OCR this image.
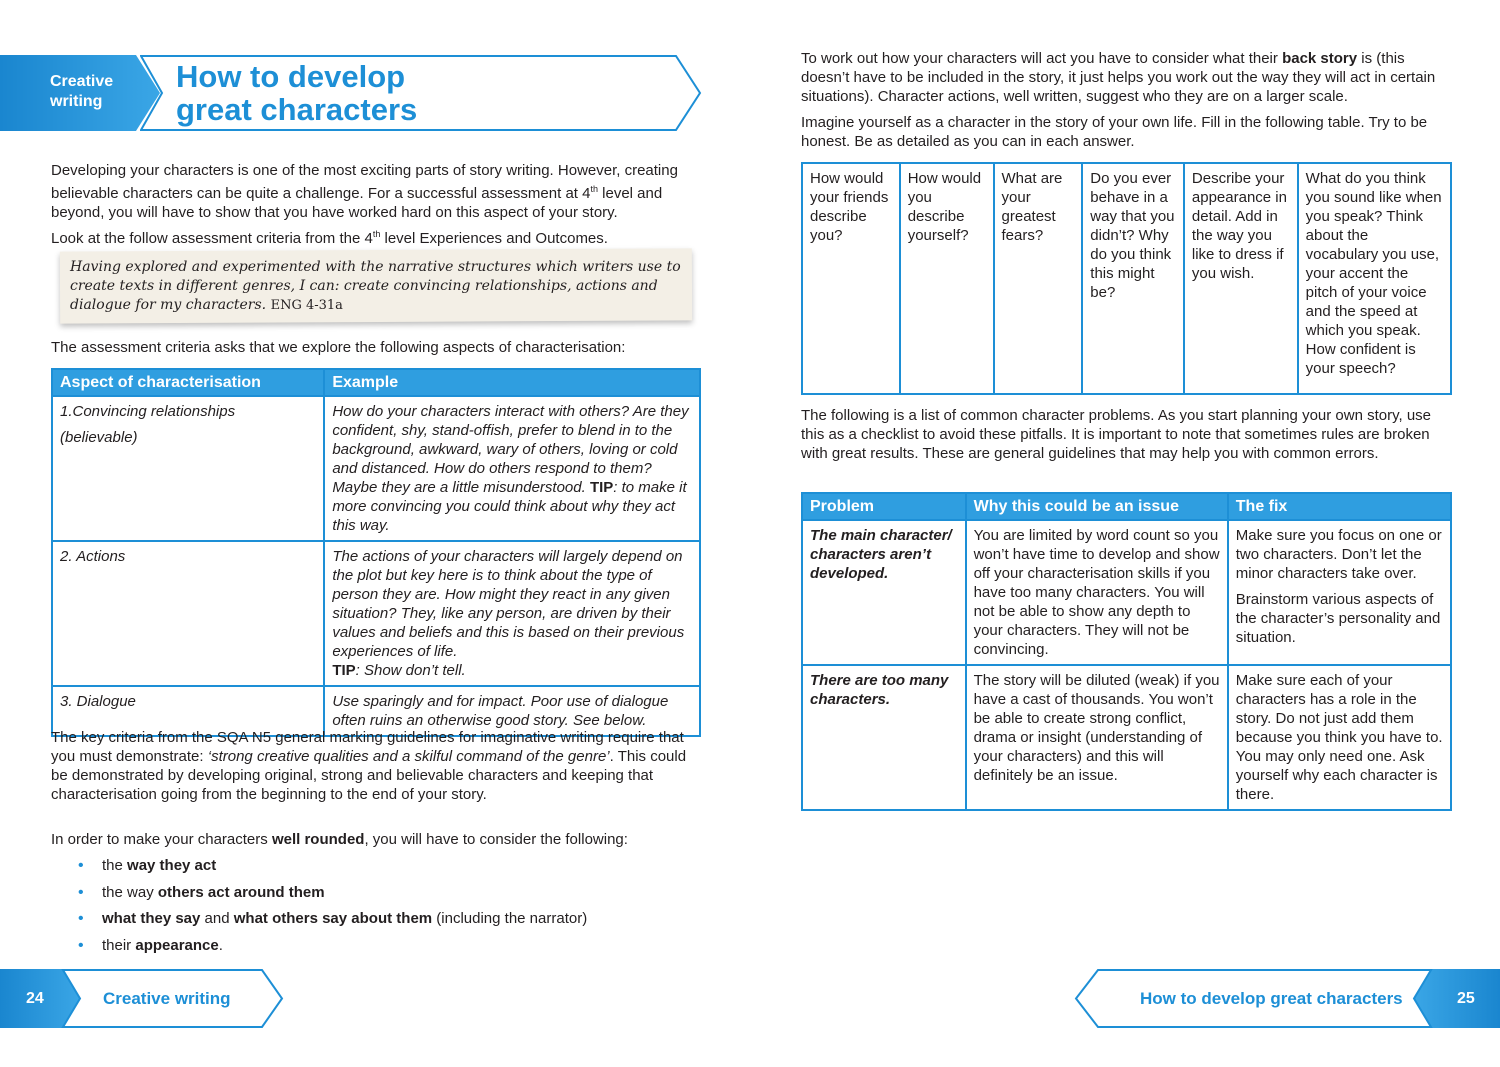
Creative
writing
How to develop
great characters

Developing your characters is one of the most exciting parts of story writing. However, creating believable characters can be quite a challenge. For a successful assessment at 4th level and beyond, you will have to show that you have worked hard on this aspect of your story.

Look at the follow assessment criteria from the 4th level Experiences and Outcomes.

Having explored and experimented with the narrative structures which writers use to create texts in different genres, I can: create convincing relationships, actions and dialogue for my characters. ENG 4-31a

The assessment criteria asks that we explore the following aspects of characterisation:

Aspect of characterisation	Example

1.Convincing relationships
(believable)	How do your characters interact with others? Are they confident, shy, stand-offish, prefer to blend in to the background, awkward, wary of others, loving or cold and distanced. How do others respond to them? Maybe they are a little misunderstood. TIP: to make it more convincing you could think about why they act this way.
2. Actions	The actions of your characters will largely depend on the plot but key here is to think about the type of person they are. How might they react in any given situation? They, like any person, are driven by their values and beliefs and this is based on their previous experiences of life.
TIP: Show don’t tell.
3. Dialogue	Use sparingly and for impact. Poor use of dialogue often ruins an otherwise good story. See below.

The key criteria from the SQA N5 general marking guidelines for imaginative writing require that you must demonstrate: ‘strong creative qualities and a skilful command of the genre’. This could be demonstrated by developing original, strong and believable characters and keeping that characterisation going from the beginning to the end of your story.

In order to make your characters well rounded, you will have to consider the following:

• the way they act
• the way others act around them
• what they say and what others say about them (including the narrator)
• their appearance.

To work out how your characters will act you have to consider what their back story is (this doesn’t have to be included in the story, it just helps you work out the way they will act in certain situations). Character actions, well written, suggest who they are on a larger scale.

Imagine yourself as a character in the story of your own life. Fill in the following table. Try to be honest. Be as detailed as you can in each answer.

How would your friends describe you?	How would you describe yourself?	What are your greatest fears?	Do you ever behave in a way that you didn’t? Why do you think this might be?	Describe your appearance in detail. Add in the way you like to dress if you wish.	What do you think you sound like when you speak? Think about the vocabulary you use, your accent the pitch of your voice and the speed at which you speak. How confident is your speech?

The following is a list of common character problems. As you start planning your own story, use this as a checklist to avoid these pitfalls. It is important to note that sometimes rules are broken with great results. These are general guidelines that may help you with common errors.

Problem	Why this could be an issue	The fix
The main character/ characters aren’t developed.	You are limited by word count so you won’t have time to develop and show off your characterisation skills if you have too many characters. You will not be able to show any depth to your characters. They will not be convincing.	Make sure you focus on one or two characters. Don’t let the minor characters take over.
Brainstorm various aspects of the character’s personality and situation.

There are too many characters.	The story will be diluted (weak) if you have a cast of thousands. You won’t be able to create strong conflict, drama or insight (understanding of your characters) and this will definitely be an issue.	Make sure each of your characters has a role in the story. Do not just add them because you think you have to. You may only need one. Ask yourself why each character is there.
24	Creative writing	How to develop great characters	25
